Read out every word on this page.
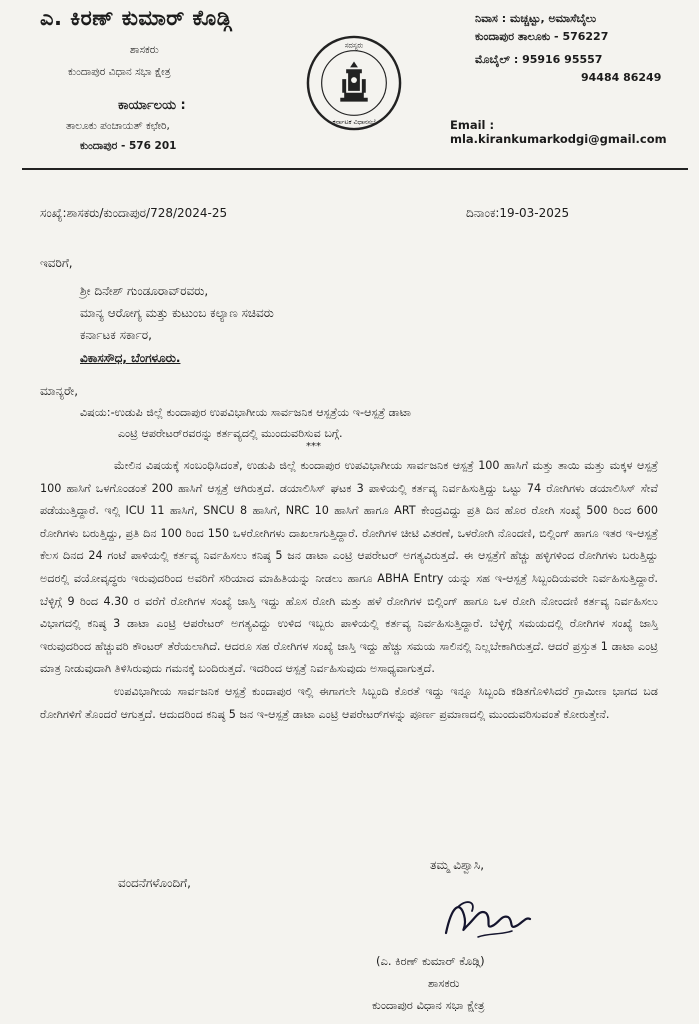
ಎ. ಕಿರಣ್ ಕುಮಾರ್ ಕೊಡ್ಗಿ
ಶಾಸಕರು
ಕುಂದಾಪುರ ವಿಧಾನ ಸಭಾ ಕ್ಷೇತ್ರ
ಕಾರ್ಯಾಲಯ :
ತಾಲೂಕು ಪಂಚಾಯತ್ ಕಛೇರಿ,
ಕುಂದಾಪುರ - 576 201
ಸದಸ್ಯರು
ಕರ್ನಾಟಕ ವಿಧಾನಸಭೆ
ನಿವಾಸ : ಮಚ್ಚಟ್ಟು, ಅಮಾಸೆಬೈಲು
ಕುಂದಾಪುರ ತಾಲೂಕು - 576227
ಮೊಬೈಲ್ : 95916 95557
94484 86249
Email : mla.kirankumarkodgi@gmail.com
ಸಂಖ್ಯೆ:ಶಾಸಕರು/ಕುಂದಾಪುರ/728/2024-25	ದಿನಾಂಕ:19-03-2025
ಇವರಿಗೆ,
ಶ್ರೀ ದಿನೇಶ್ ಗುಂಡೂರಾವ್‌ರವರು,
ಮಾನ್ಯ ಆರೋಗ್ಯ ಮತ್ತು ಕುಟುಂಬ ಕಲ್ಯಾಣ ಸಚಿವರು
ಕರ್ನಾಟಕ ಸರ್ಕಾರ,
ವಿಕಾಸಸೌಧ, ಬೆಂಗಳೂರು.
ಮಾನ್ಯರೇ,
ವಿಷಯ:-ಉಡುಪಿ ಜಿಲ್ಲೆ ಕುಂದಾಪುರ ಉಪವಿಭಾಗೀಯ ಸಾರ್ವಜನಿಕ ಆಸ್ಪತ್ರೆಯ ಇ-ಆಸ್ಪತ್ರೆ ಡಾಟಾ
ಎಂಟ್ರಿ ಆಪರೇಟರ್‌ರವರನ್ನು ಕರ್ತವ್ಯದಲ್ಲಿ ಮುಂದುವರಿಸುವ ಬಗ್ಗೆ.
***

ಮೇಲಿನ ವಿಷಯಕ್ಕೆ ಸಂಬಂಧಿಸಿದಂತೆ, ಉಡುಪಿ ಜಿಲ್ಲೆ ಕುಂದಾಪುರ ಉಪವಿಭಾಗೀಯ ಸಾರ್ವಜನಿಕ ಆಸ್ಪತ್ರೆ 100 ಹಾಸಿಗೆ ಮತ್ತು ತಾಯಿ ಮತ್ತು ಮಕ್ಕಳ ಆಸ್ಪತ್ರೆ 100 ಹಾಸಿಗೆ ಒಳಗೊಂಡಂತೆ 200 ಹಾಸಿಗೆ ಆಸ್ಪತ್ರೆ ಆಗಿರುತ್ತದೆ. ಡಯಾಲಿಸಿಸ್ ಘಟಕ 3 ಪಾಳಿಯಲ್ಲಿ ಕರ್ತವ್ಯ ನಿರ್ವಹಿಸುತ್ತಿದ್ದು ಒಟ್ಟು 74 ರೋಗಿಗಳು ಡಯಾಲಿಸಿಸ್ ಸೇವೆ ಪಡೆಯುತ್ತಿದ್ದಾರೆ. ಇಲ್ಲಿ ICU 11 ಹಾಸಿಗೆ, SNCU 8 ಹಾಸಿಗೆ, NRC 10 ಹಾಸಿಗೆ ಹಾಗೂ ART ಕೇಂದ್ರವಿದ್ದು ಪ್ರತಿ ದಿನ ಹೊರ ರೋಗಿ ಸಂಖ್ಯೆ 500 ರಿಂದ 600 ರೋಗಿಗಳು ಬರುತ್ತಿದ್ದು, ಪ್ರತಿ ದಿನ 100 ರಿಂದ 150 ಒಳರೋಗಿಗಳು ದಾಖಲಾಗುತ್ತಿದ್ದಾರೆ. ರೋಗಿಗಳ ಚೀಟಿ ವಿತರಣೆ, ಒಳರೋಗಿ ನೊಂದಣಿ, ಬಿಲ್ಲಿಂಗ್ ಹಾಗೂ ಇತರ ಇ-ಆಸ್ಪತ್ರೆ ಕೆಲಸ ದಿನದ 24 ಗಂಟೆ ಪಾಳಿಯಲ್ಲಿ ಕರ್ತವ್ಯ ನಿರ್ವಹಿಸಲು ಕನಿಷ್ಠ 5 ಜನ ಡಾಟಾ ಎಂಟ್ರಿ ಆಪರೇಟರ್ ಅಗತ್ಯವಿರುತ್ತದೆ. ಈ ಆಸ್ಪತ್ರೆಗೆ ಹೆಚ್ಚು ಹಳ್ಳಿಗಳಿಂದ ರೋಗಿಗಳು ಬರುತ್ತಿದ್ದು ಅದರಲ್ಲಿ ವಯೋವೃದ್ಧರು ಇರುವುದರಿಂದ ಅವರಿಗೆ ಸರಿಯಾದ ಮಾಹಿತಿಯನ್ನು ನೀಡಲು ಹಾಗೂ ABHA Entry ಯನ್ನು ಸಹ ಇ-ಆಸ್ಪತ್ರೆ ಸಿಬ್ಬಂದಿಯವರೇ ನಿರ್ವಹಿಸುತ್ತಿದ್ದಾರೆ. ಬೆಳ್ಳಿಗ್ಗೆ 9 ರಿಂದ 4.30 ರ ವರೆಗೆ ರೋಗಿಗಳ ಸಂಖ್ಯೆ ಜಾಸ್ತಿ ಇದ್ದು ಹೊಸ ರೋಗಿ ಮತ್ತು ಹಳೆ ರೋಗಿಗಳ ಬಿಲ್ಲಿಂಗ್ ಹಾಗೂ ಒಳ ರೋಗಿ ನೋಂದಣಿ ಕರ್ತವ್ಯ ನಿರ್ವಹಿಸಲು ವಿಭಾಗದಲ್ಲಿ ಕನಿಷ್ಠ 3 ಡಾಟಾ ಎಂಟ್ರಿ ಆಪರೇಟರ್ ಅಗತ್ಯವಿದ್ದು ಉಳಿದ ಇಬ್ಬರು ಪಾಳಿಯಲ್ಲಿ ಕರ್ತವ್ಯ ನಿರ್ವಹಿಸುತ್ತಿದ್ದಾರೆ. ಬೆಳ್ಳಿಗ್ಗೆ ಸಮಯದಲ್ಲಿ ರೋಗಿಗಳ ಸಂಖ್ಯೆ ಜಾಸ್ತಿ ಇರುವುದರಿಂದ ಹೆಚ್ಚುವರಿ ಕೌಂಟರ್ ತೆರೆಯಲಾಗಿದೆ. ಆದರೂ ಸಹ ರೋಗಿಗಳ ಸಂಖ್ಯೆ ಜಾಸ್ತಿ ಇದ್ದು ಹೆಚ್ಚು ಸಮಯ ಸಾಲಿನಲ್ಲಿ ನಿಲ್ಲಬೇಕಾಗಿರುತ್ತದೆ. ಆದರೆ ಪ್ರಸ್ತುತ 1 ಡಾಟಾ ಎಂಟ್ರಿ ಮಾತ್ರ ನೀಡುವುದಾಗಿ ತಿಳಿಸಿರುವುದು ಗಮನಕ್ಕೆ ಬಂದಿರುತ್ತದೆ. ಇದರಿಂದ ಆಸ್ಪತ್ರೆ ನಿರ್ವಹಿಸುವುದು ಅಸಾಧ್ಯವಾಗುತ್ತದೆ.

ಉಪವಿಭಾಗೀಯ ಸಾರ್ವಜನಿಕ ಆಸ್ಪತ್ರೆ ಕುಂದಾಪುರ ಇಲ್ಲಿ ಈಗಾಗಲೇ ಸಿಬ್ಬಂದಿ ಕೊರತೆ ಇದ್ದು ಇನ್ನೂ ಸಿಬ್ಬಂದಿ ಕಡಿತಗೊಳಿಸಿದರೆ ಗ್ರಾಮೀಣ ಭಾಗದ ಬಡ ರೋಗಿಗಳಿಗೆ ತೊಂದರೆ ಆಗುತ್ತದೆ. ಆದುದರಿಂದ ಕನಿಷ್ಠ 5 ಜನ ಇ-ಆಸ್ಪತ್ರೆ ಡಾಟಾ ಎಂಟ್ರಿ ಆಪರೇಟರ್‌ಗಳನ್ನು ಪೂರ್ಣ ಪ್ರಮಾಣದಲ್ಲಿ ಮುಂದುವರಿಸುವಂತೆ ಕೋರುತ್ತೇನೆ.

ವಂದನೆಗಳೊಂದಿಗೆ,
ತಮ್ಮ ವಿಶ್ವಾಸಿ,
(ಎ. ಕಿರಣ್ ಕುಮಾರ್ ಕೊಡ್ಗಿ)
ಶಾಸಕರು
ಕುಂದಾಪುರ ವಿಧಾನ ಸಭಾ ಕ್ಷೇತ್ರ
